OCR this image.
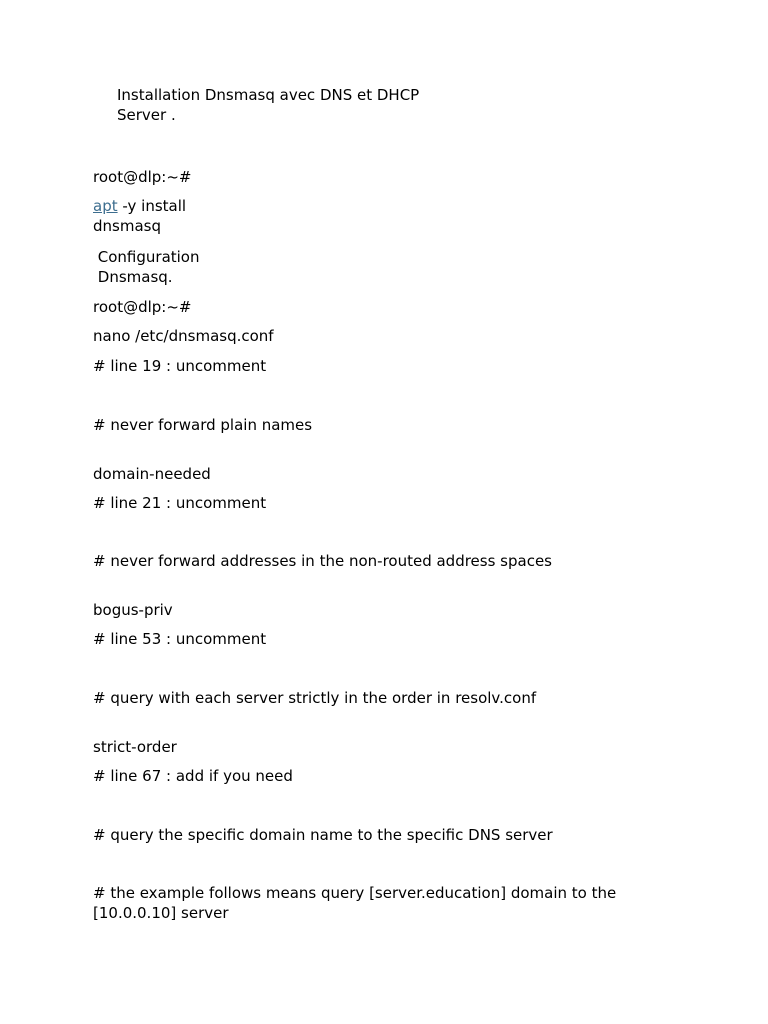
Installation Dnsmasq avec DNS et DHCP
Server .

root@dlp:~#

apt -y install
dnsmasq
Configuration
Dnsmasq.

root@dlp:~#

nano /etc/dnsmasq.conf

# line 19 : uncomment

# never forward plain names

domain-needed

# line 21 : uncomment

# never forward addresses in the non-routed address spaces

bogus-priv

# line 53 : uncomment

# query with each server strictly in the order in resolv.conf

strict-order

# line 67 : add if you need

# query the specific domain name to the specific DNS server

# the example follows means query [server.education] domain to the
[10.0.0.10] server
